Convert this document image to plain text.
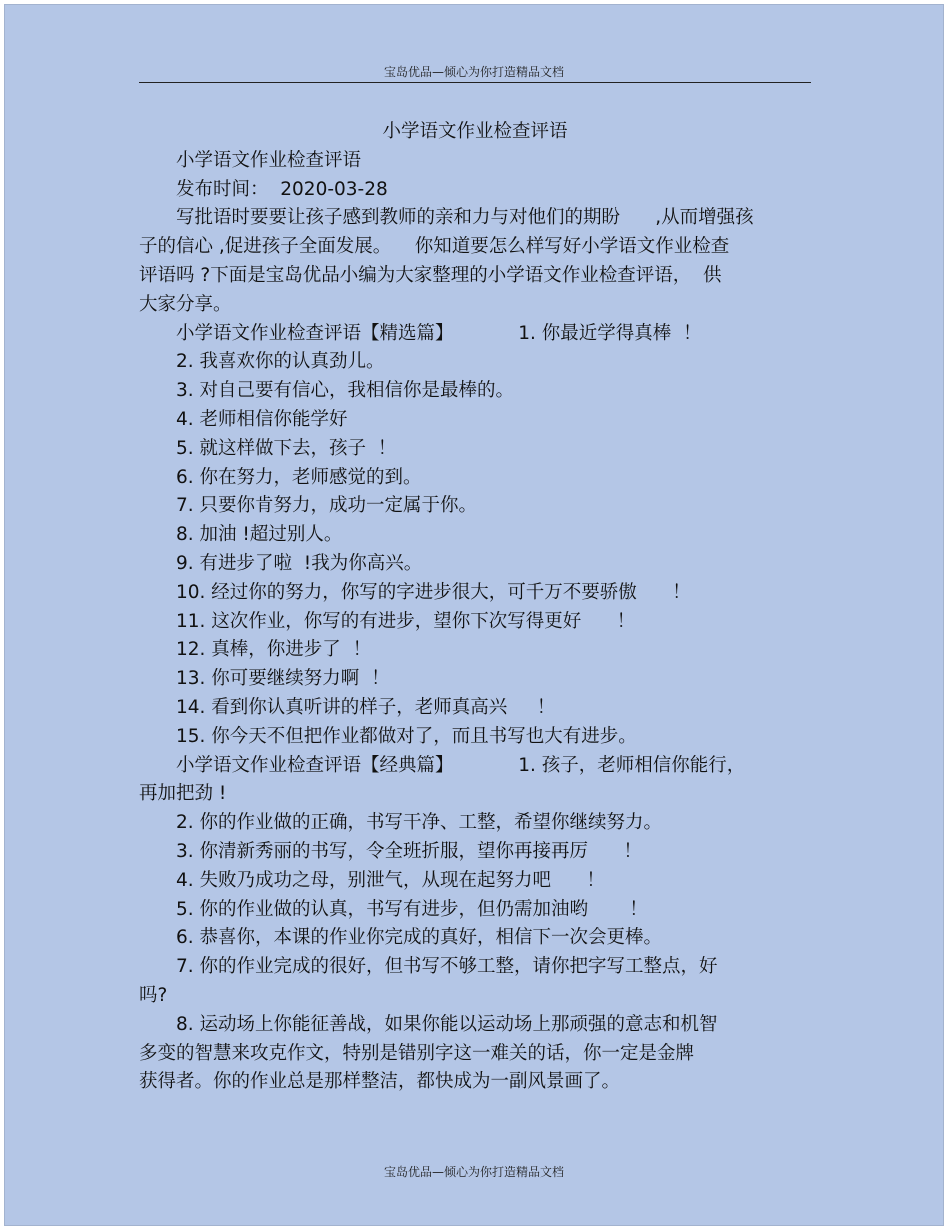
宝岛优品—倾心为你打造精品文档
小学语文作业检查评语

小学语文作业检查评语

发布时间：  2020-03-28

写批语时要要让孩子感到教师的亲和力与对他们的期盼      ,从而增强孩

子的信心 ,促进孩子全面发展。    你知道要怎么样写好小学语文作业检查

评语吗 ?下面是宝岛优品小编为大家整理的小学语文作业检查评语，  供

大家分享。

小学语文作业检查评语【精选篇】           1. 你最近学得真棒  ！

2. 我喜欢你的认真劲儿。

3. 对自己要有信心，我相信你是最棒的。

4. 老师相信你能学好

5. 就这样做下去，孩子  ！

6. 你在努力，老师感觉的到。

7. 只要你肯努力，成功一定属于你。

8. 加油 !超过别人。

9. 有进步了啦  !我为你高兴。

10. 经过你的努力，你写的字进步很大，可千万不要骄傲      ！

11. 这次作业，你写的有进步，望你下次写得更好      ！

12. 真棒，你进步了  ！

13. 你可要继续努力啊  ！

14. 看到你认真听讲的样子，老师真高兴     ！

15. 你今天不但把作业都做对了，而且书写也大有进步。

小学语文作业检查评语【经典篇】           1. 孩子，老师相信你能行，

再加把劲 !

2. 你的作业做的正确，书写干净、工整，希望你继续努力。

3. 你清新秀丽的书写，令全班折服，望你再接再厉      ！

4. 失败乃成功之母，别泄气，从现在起努力吧      ！

5. 你的作业做的认真，书写有进步，但仍需加油哟       ！

6. 恭喜你，本课的作业你完成的真好，相信下一次会更棒。

7. 你的作业完成的很好，但书写不够工整，请你把字写工整点，好

吗?

8. 运动场上你能征善战，如果你能以运动场上那顽强的意志和机智

多变的智慧来攻克作文，特别是错别字这一难关的话，你一定是金牌

获得者。你的作业总是那样整洁，都快成为一副风景画了。

宝岛优品—倾心为你打造精品文档
